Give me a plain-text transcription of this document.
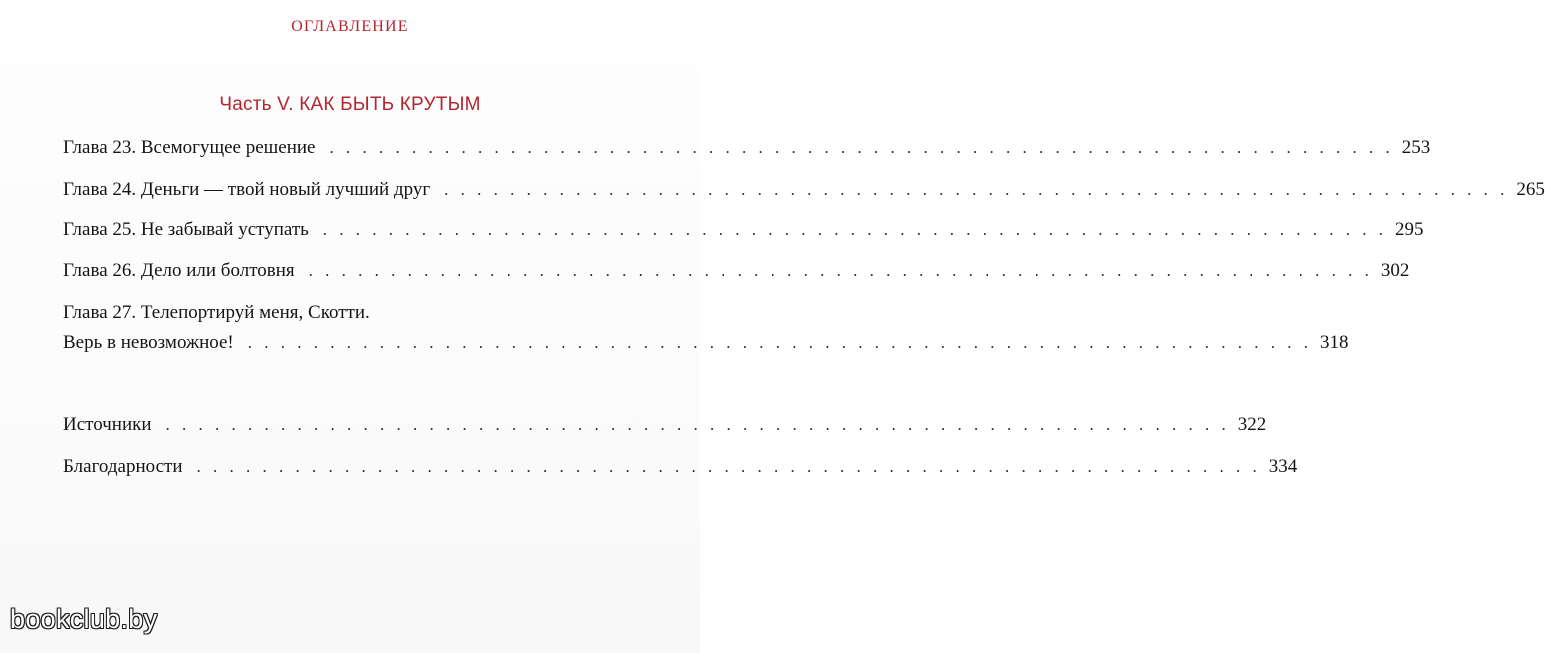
ОГЛАВЛЕНИЕ
Часть V. КАК БЫТЬ КРУТЫМ
Глава 23. Всемогущее решение . . . . . . . . . . . . . . . . . . . . . . . . . . . . . . . . . . . . . . . . . . . . . . . . . . . . . . . . . . . . . . . . . 253
Глава 24. Деньги — твой новый лучший друг . . . . . . . . . . . . . . . . . . . . . . . . . . . . . . . . . . . . . . . . . . . . . . . . . . . . . . . . . . . . . . . . . 265
Глава 25. Не забывай уступать . . . . . . . . . . . . . . . . . . . . . . . . . . . . . . . . . . . . . . . . . . . . . . . . . . . . . . . . . . . . . . . . . 295
Глава 26. Дело или болтовня . . . . . . . . . . . . . . . . . . . . . . . . . . . . . . . . . . . . . . . . . . . . . . . . . . . . . . . . . . . . . . . . . 302
Глава 27. Телепортируй меня, Скотти.
Верь в невозможное! . . . . . . . . . . . . . . . . . . . . . . . . . . . . . . . . . . . . . . . . . . . . . . . . . . . . . . . . . . . . . . . . . 318
Источники . . . . . . . . . . . . . . . . . . . . . . . . . . . . . . . . . . . . . . . . . . . . . . . . . . . . . . . . . . . . . . . . . 322
Благодарности . . . . . . . . . . . . . . . . . . . . . . . . . . . . . . . . . . . . . . . . . . . . . . . . . . . . . . . . . . . . . . . . . 334
bookclub.by
